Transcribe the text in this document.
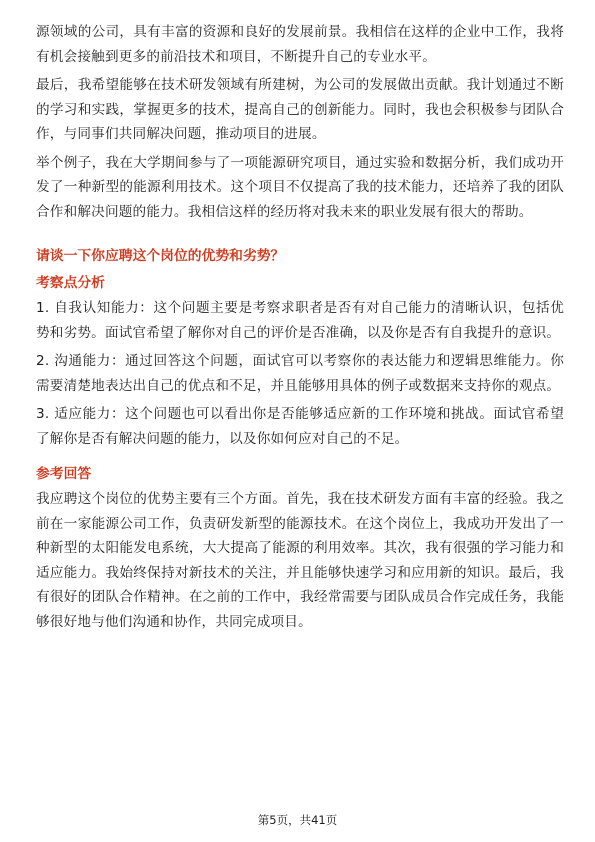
源领域的公司，具有丰富的资源和良好的发展前景。我相信在这样的企业中工作，我将有机会接触到更多的前沿技术和项目，不断提升自己的专业水平。

最后，我希望能够在技术研发领域有所建树，为公司的发展做出贡献。我计划通过不断的学习和实践，掌握更多的技术，提高自己的创新能力。同时，我也会积极参与团队合作，与同事们共同解决问题，推动项目的进展。

举个例子，我在大学期间参与了一项能源研究项目，通过实验和数据分析，我们成功开发了一种新型的能源利用技术。这个项目不仅提高了我的技术能力，还培养了我的团队合作和解决问题的能力。我相信这样的经历将对我未来的职业发展有很大的帮助。

请谈一下你应聘这个岗位的优势和劣势？
考察点分析

1. 自我认知能力：这个问题主要是考察求职者是否有对自己能力的清晰认识，包括优势和劣势。面试官希望了解你对自己的评价是否准确，以及你是否有自我提升的意识。

2. 沟通能力：通过回答这个问题，面试官可以考察你的表达能力和逻辑思维能力。你需要清楚地表达出自己的优点和不足，并且能够用具体的例子或数据来支持你的观点。

3. 适应能力：这个问题也可以看出你是否能够适应新的工作环境和挑战。面试官希望了解你是否有解决问题的能力，以及你如何应对自己的不足。

参考回答

我应聘这个岗位的优势主要有三个方面。首先，我在技术研发方面有丰富的经验。我之前在一家能源公司工作，负责研发新型的能源技术。在这个岗位上，我成功开发出了一种新型的太阳能发电系统，大大提高了能源的利用效率。其次，我有很强的学习能力和适应能力。我始终保持对新技术的关注，并且能够快速学习和应用新的知识。最后，我有很好的团队合作精神。在之前的工作中，我经常需要与团队成员合作完成任务，我能够很好地与他们沟通和协作，共同完成项目。

第5页，共41页
